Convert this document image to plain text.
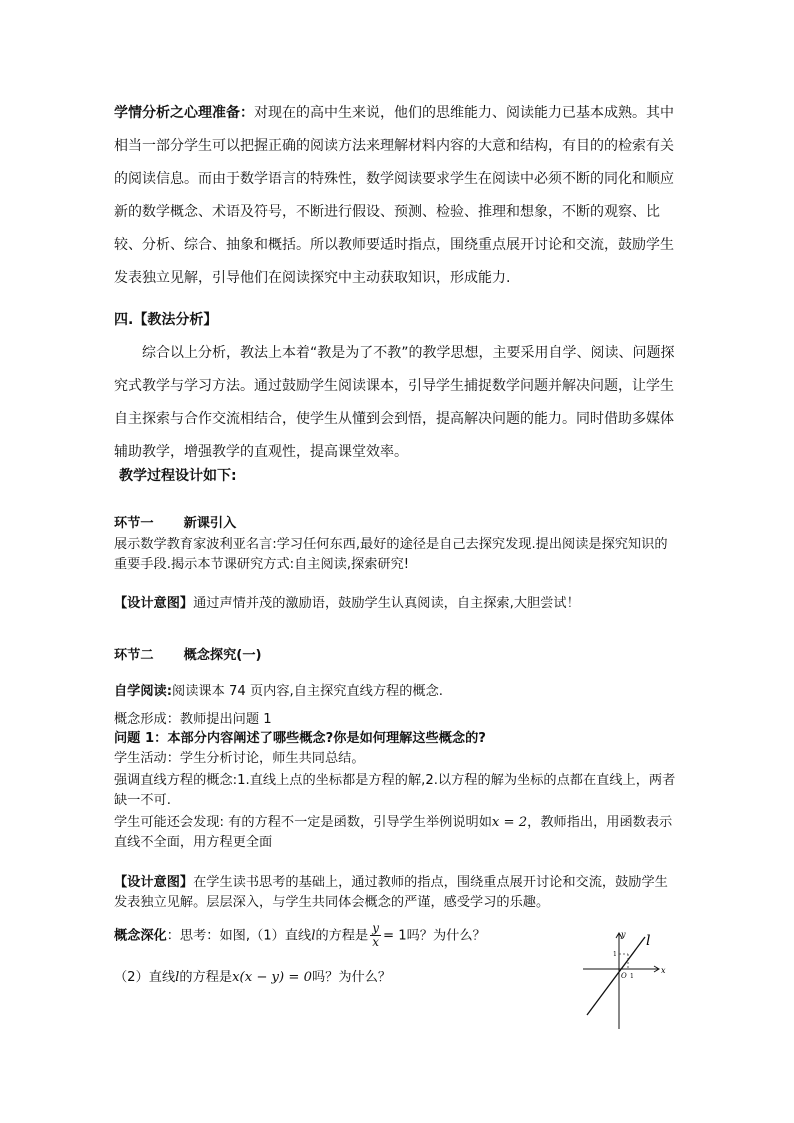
学情分析之心理准备：对现在的高中生来说，他们的思维能力、阅读能力已基本成熟。其中相当一部分学生可以把握正确的阅读方法来理解材料内容的大意和结构，有目的的检索有关的阅读信息。而由于数学语言的特殊性，数学阅读要求学生在阅读中必须不断的同化和顺应新的数学概念、术语及符号，不断进行假设、预测、检验、推理和想象，不断的观察、比较、分析、综合、抽象和概括。所以教师要适时指点，围绕重点展开讨论和交流，鼓励学生发表独立见解，引导他们在阅读探究中主动获取知识，形成能力.

四.【教法分析】

综合以上分析，教法上本着“教是为了不教”的教学思想，主要采用自学、阅读、问题探究式教学与学习方法。通过鼓励学生阅读课本，引导学生捕捉数学问题并解决问题，让学生自主探索与合作交流相结合，使学生从懂到会到悟，提高解决问题的能力。同时借助多媒体辅助教学，增强教学的直观性，提高课堂效率。

教学过程设计如下:

环节一 新课引入

展示数学教育家波利亚名言:学习任何东西,最好的途径是自己去探究发现.提出阅读是探究知识的重要手段.揭示本节课研究方式:自主阅读,探索研究!

【设计意图】通过声情并茂的激励语，鼓励学生认真阅读，自主探索,大胆尝试！

环节二 概念探究(一)

自学阅读:阅读课本 74 页内容,自主探究直线方程的概念.

概念形成：教师提出问题 1

问题 1：本部分内容阐述了哪些概念?你是如何理解这些概念的?

学生活动：学生分析讨论，师生共同总结。

强调直线方程的概念:1.直线上点的坐标都是方程的解,2.以方程的解为坐标的点都在直线上，两者缺一不可.

学生可能还会发现: 有的方程不一定是函数，引导学生举例说明如x = 2，教师指出，用函数表示直线不全面，用方程更全面

【设计意图】在学生读书思考的基础上，通过教师的指点，围绕重点展开讨论和交流，鼓励学生发表独立见解。层层深入，与学生共同体会概念的严谨，感受学习的乐趣。

概念深化：思考：如图,（1）直线l的方程是 $\frac{y}{x} = 1$吗？为什么？

（2）直线l的方程是x(x − y) = 0吗？为什么？

y
x
O 1
1
l
